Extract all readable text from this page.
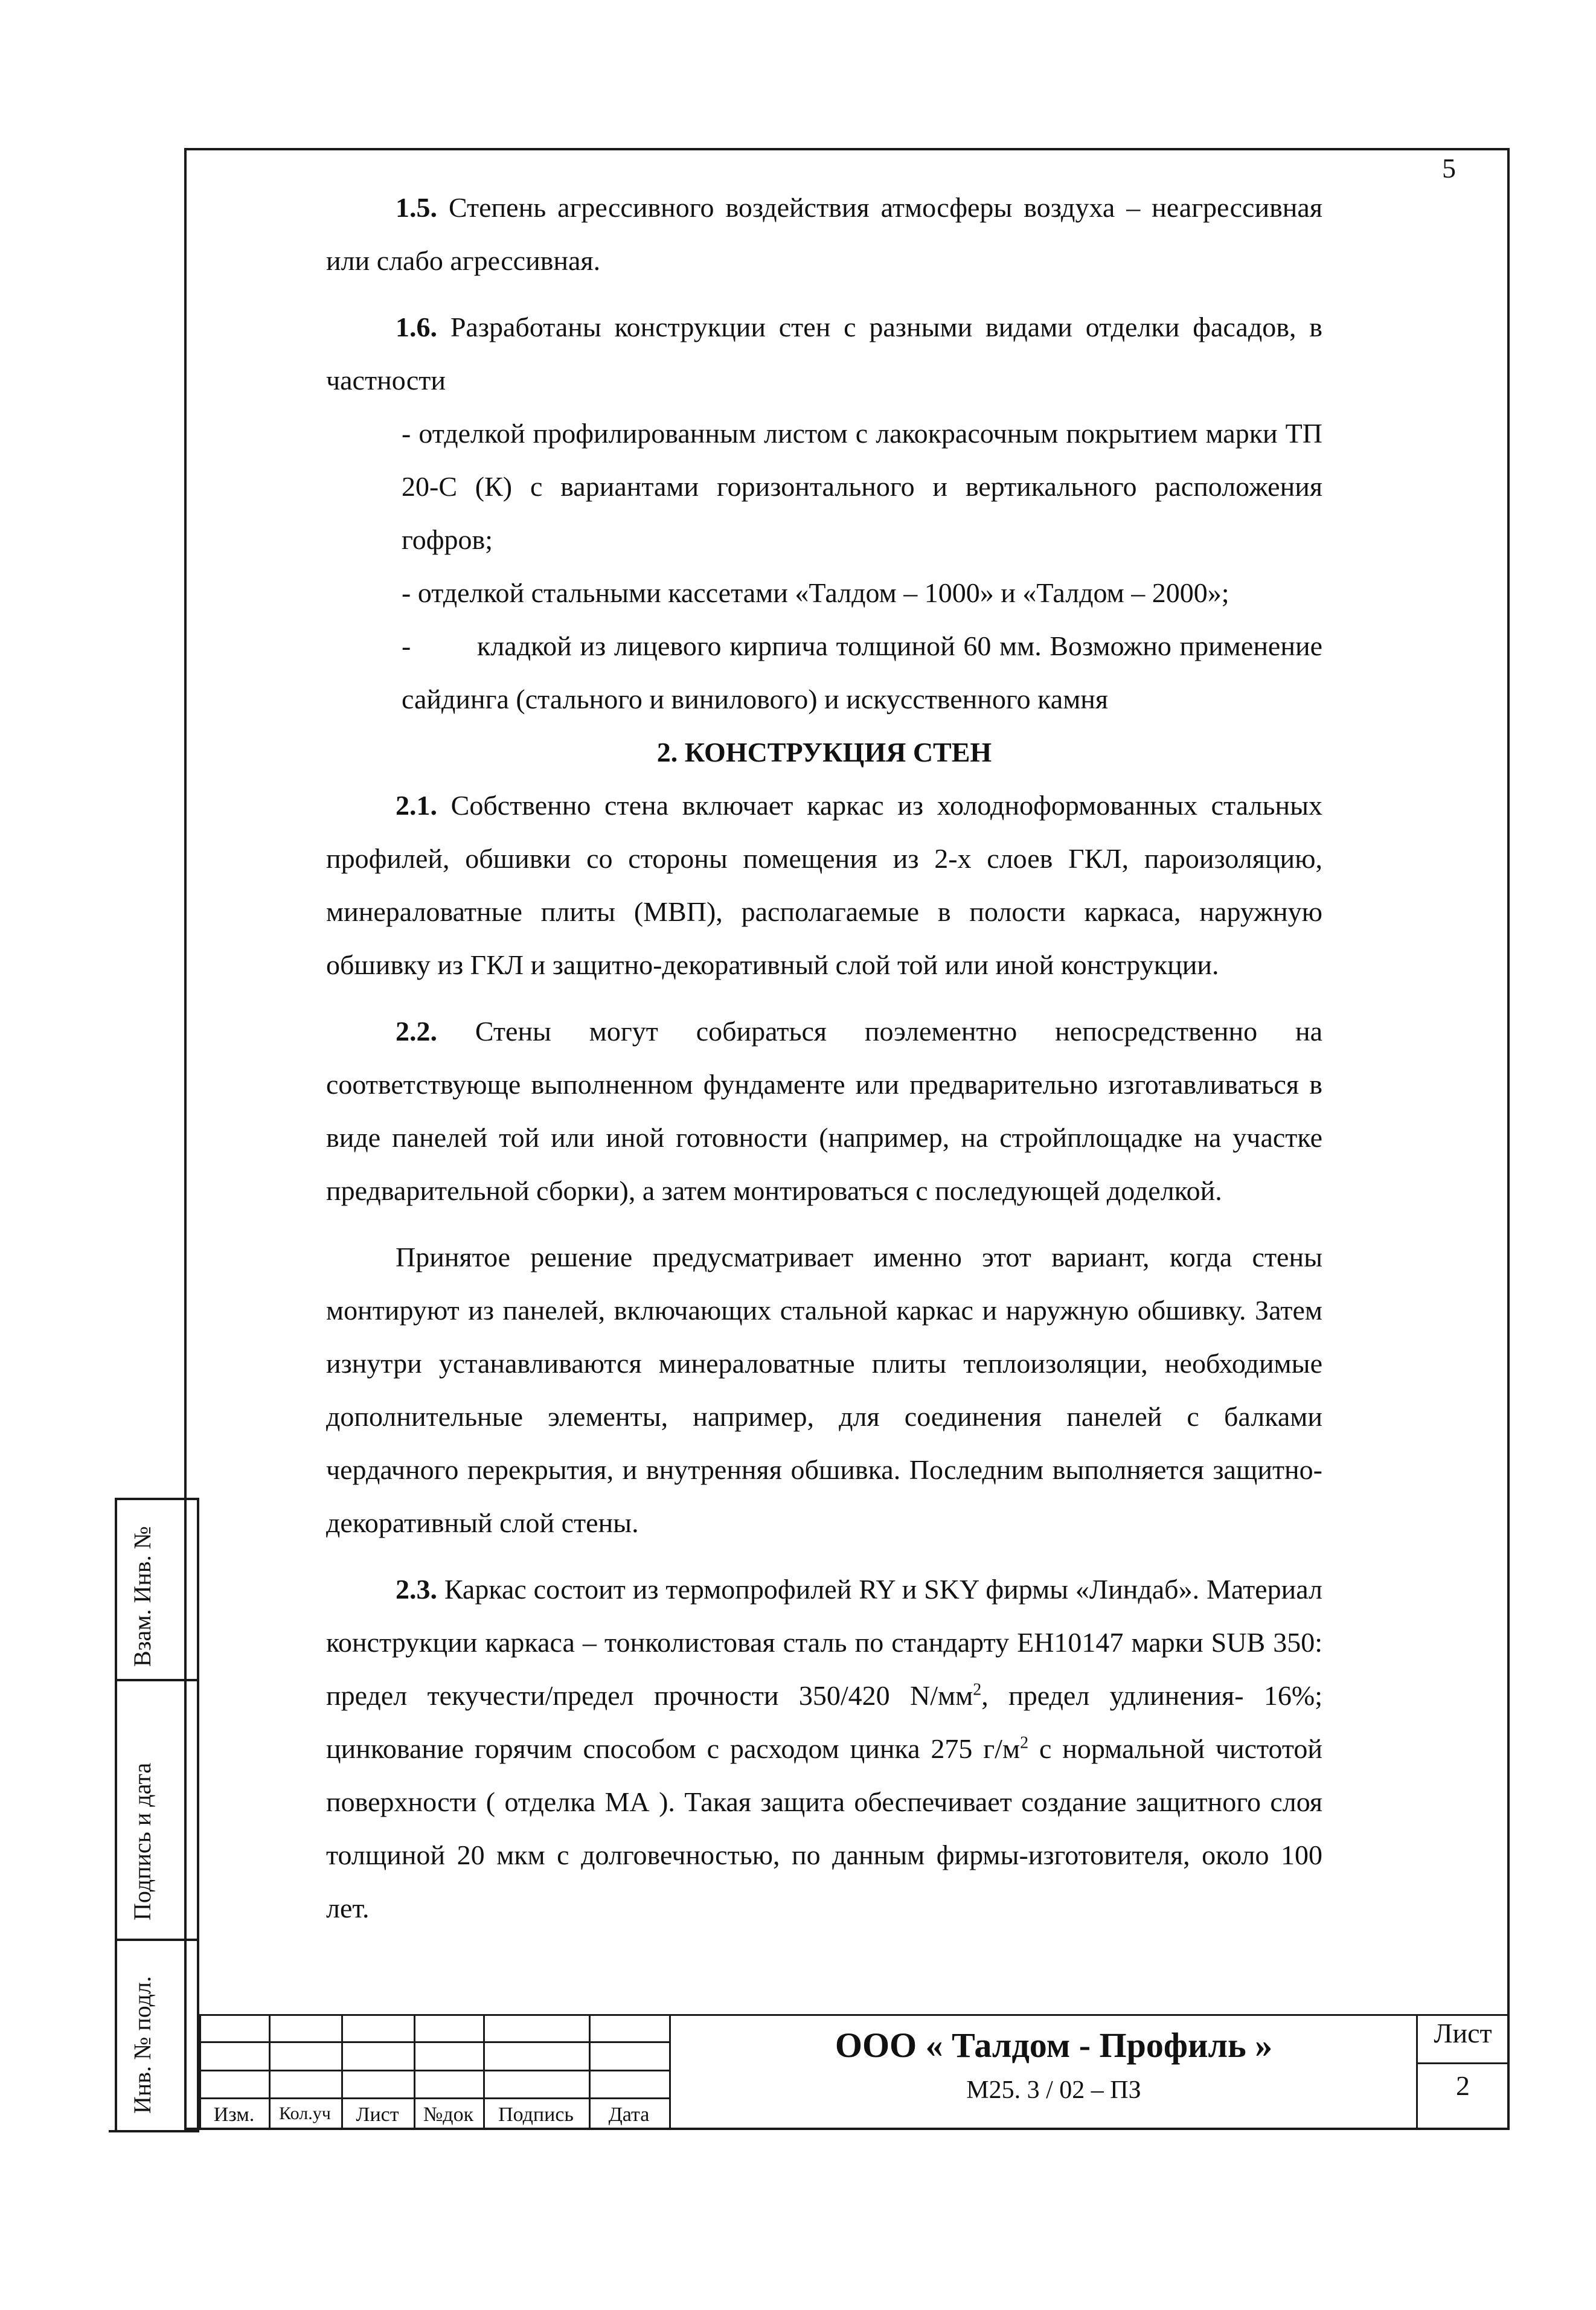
5

1.5. Степень агрессивного воздействия атмосферы воздуха – неагрессивная или слабо агрессивная.

1.6. Разработаны конструкции стен с разными видами отделки фасадов, в частности

- отделкой профилированным листом с лакокрасочным покрытием марки ТП 20-С (К) с вариантами горизонтального и вертикального расположения гофров;

- отделкой стальными кассетами «Талдом – 1000» и «Талдом – 2000»;

- кладкой из лицевого кирпича толщиной 60 мм. Возможно применение сайдинга (стального и винилового) и искусственного камня

2. КОНСТРУКЦИЯ СТЕН

2.1. Собственно стена включает каркас из холодноформованных стальных профилей, обшивки со стороны помещения из 2-х слоев ГКЛ, пароизоляцию, минераловатные плиты (МВП), располагаемые в полости каркаса, наружную обшивку из ГКЛ и защитно-декоративный слой той или иной конструкции.

2.2. Стены могут собираться поэлементно непосредственно на соответствующе выполненном фундаменте или предварительно изготавливаться в виде панелей той или иной готовности (например, на стройплощадке на участке предварительной сборки), а затем монтироваться с последующей доделкой.

Принятое решение предусматривает именно этот вариант, когда стены монтируют из панелей, включающих стальной каркас и наружную обшивку. Затем изнутри устанавливаются минераловатные плиты теплоизоляции, необходимые дополнительные элементы, например, для соединения панелей с балками чердачного перекрытия, и внутренняя обшивка. Последним выполняется защитно-декоративный слой стены.

2.3. Каркас состоит из термопрофилей RY и SKY фирмы «Линдаб». Материал конструкции каркаса – тонколистовая сталь по стандарту ЕН10147 марки SUB 350: предел текучести/предел прочности 350/420 $N/мм^2$, предел удлинения- 16%; цинкование горячим способом с расходом цинка 275 $г/м^2$ с нормальной чистотой поверхности ( отделка МА ). Такая защита обеспечивает создание защитного слоя толщиной 20 мкм с долговечностью, по данным фирмы-изготовителя, около 100 лет.

Взам. Инв. №
Подпись и дата
Инв. № подл.
Изм.	Кол.уч	Лист	№док	Подпись	Дата
ООО « Талдом - Профиль »
М25. 3 / 02 – ПЗ
Лист
2
